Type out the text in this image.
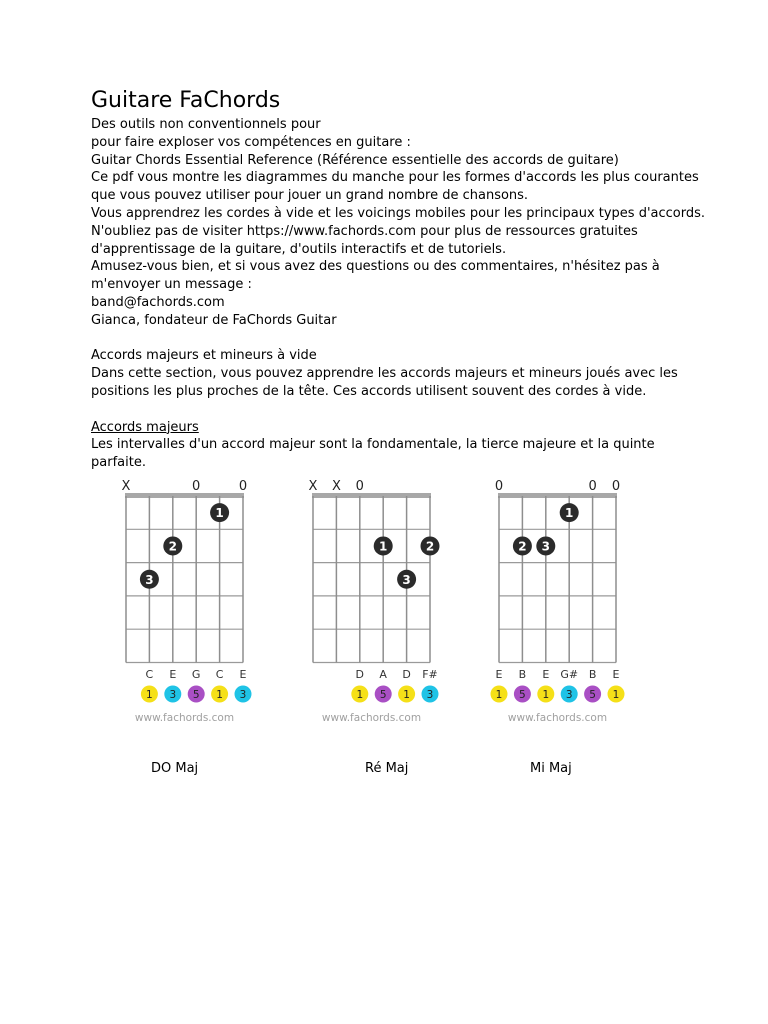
Guitare FaChords

Des outils non conventionnels pour

pour faire exploser vos compétences en guitare :

Guitar Chords Essential Reference (Référence essentielle des accords de guitare)

Ce pdf vous montre les diagrammes du manche pour les formes d'accords les plus courantes

que vous pouvez utiliser pour jouer un grand nombre de chansons.

Vous apprendrez les cordes à vide et les voicings mobiles pour les principaux types d'accords.

N'oubliez pas de visiter https://www.fachords.com pour plus de ressources gratuites

d'apprentissage de la guitare, d'outils interactifs et de tutoriels.

Amusez-vous bien, et si vous avez des questions ou des commentaires, n'hésitez pas à

m'envoyer un message :

band@fachords.com

Gianca, fondateur de FaChords Guitar

Accords majeurs et mineurs à vide

Dans cette section, vous pouvez apprendre les accords majeurs et mineurs joués avec les

positions les plus proches de la tête. Ces accords utilisent souvent des cordes à vide.

Accords majeurs

Les intervalles d'un accord majeur sont la fondamentale, la tierce majeure et la quinte

parfaite.

X	0	0
1
2
3
C E G C E
1 3 5 1 3
www.fachords.com
X X 0
1	2
3
D A D F#
1 5 1 3
www.fachords.com
0	0 0
1
2 3
E B E G# B E
1 5 1 3 5 1
www.fachords.com
DO Maj	Ré Maj	Mi Maj
